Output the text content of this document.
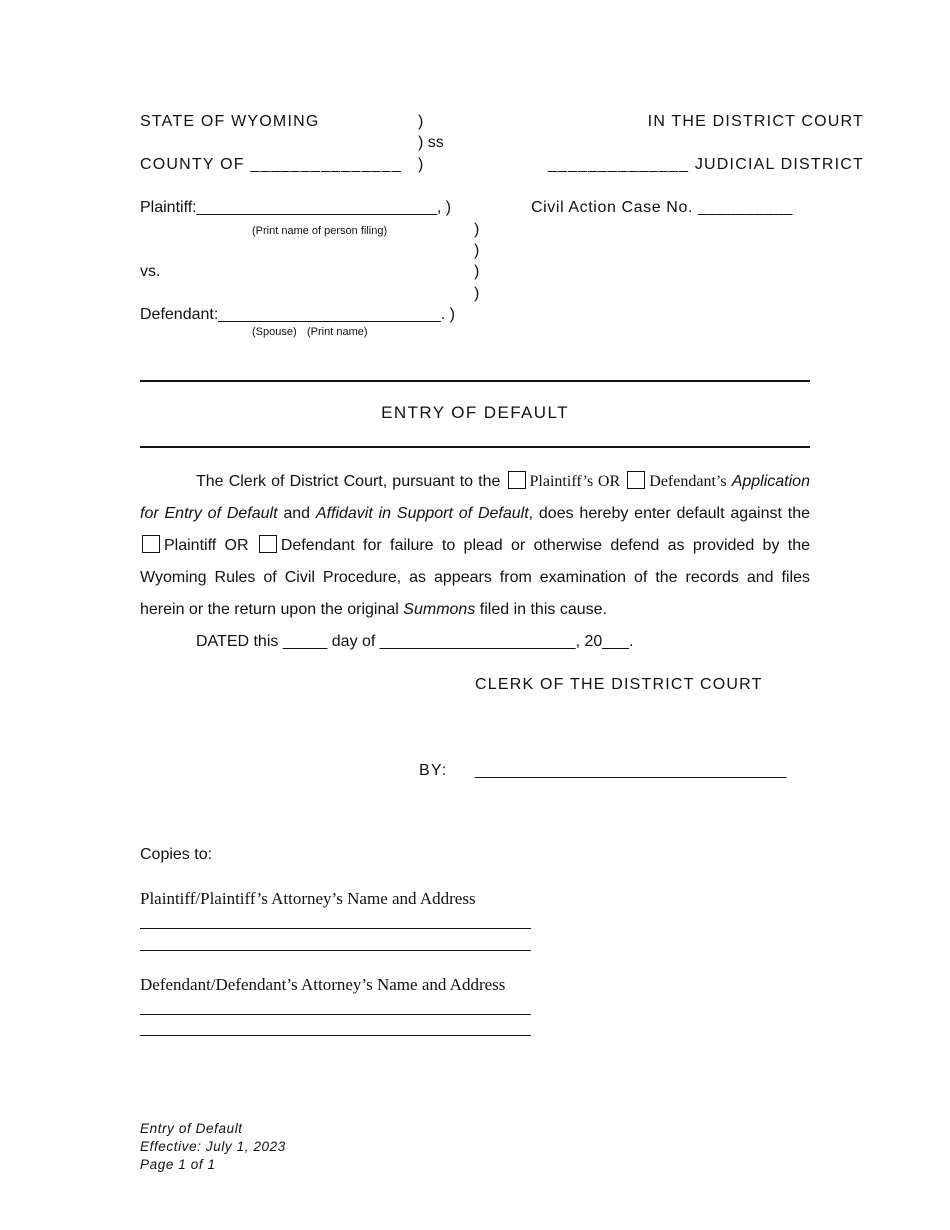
STATE OF WYOMING	)
) ss
)
COUNTY OF _______________
IN THE DISTRICT COURT
______________ JUDICIAL DISTRICT
Plaintiff:___________________________, )
(Print name of person filing)
Civil Action Case No. __________
)
)
)
)
vs.
Defendant:_________________________. )
(Spouse) (Print name)
ENTRY OF DEFAULT

The Clerk of District Court, pursuant to the Plaintiff’s OR Defendant’s Application for Entry of Default and Affidavit in Support of Default, does hereby enter default against the Plaintiff OR Defendant for failure to plead or otherwise defend as provided by the Wyoming Rules of Civil Procedure, as appears from examination of the records and files herein or the return upon the original Summons filed in this cause.

DATED this _____ day of ______________________, 20___.

CLERK OF THE DISTRICT COURT
BY: ___________________________________
Copies to:
Plaintiff/Plaintiff’s Attorney’s Name and Address
Defendant/Defendant’s Attorney’s Name and Address
Entry of Default
Effective: July 1, 2023
Page 1 of 1
